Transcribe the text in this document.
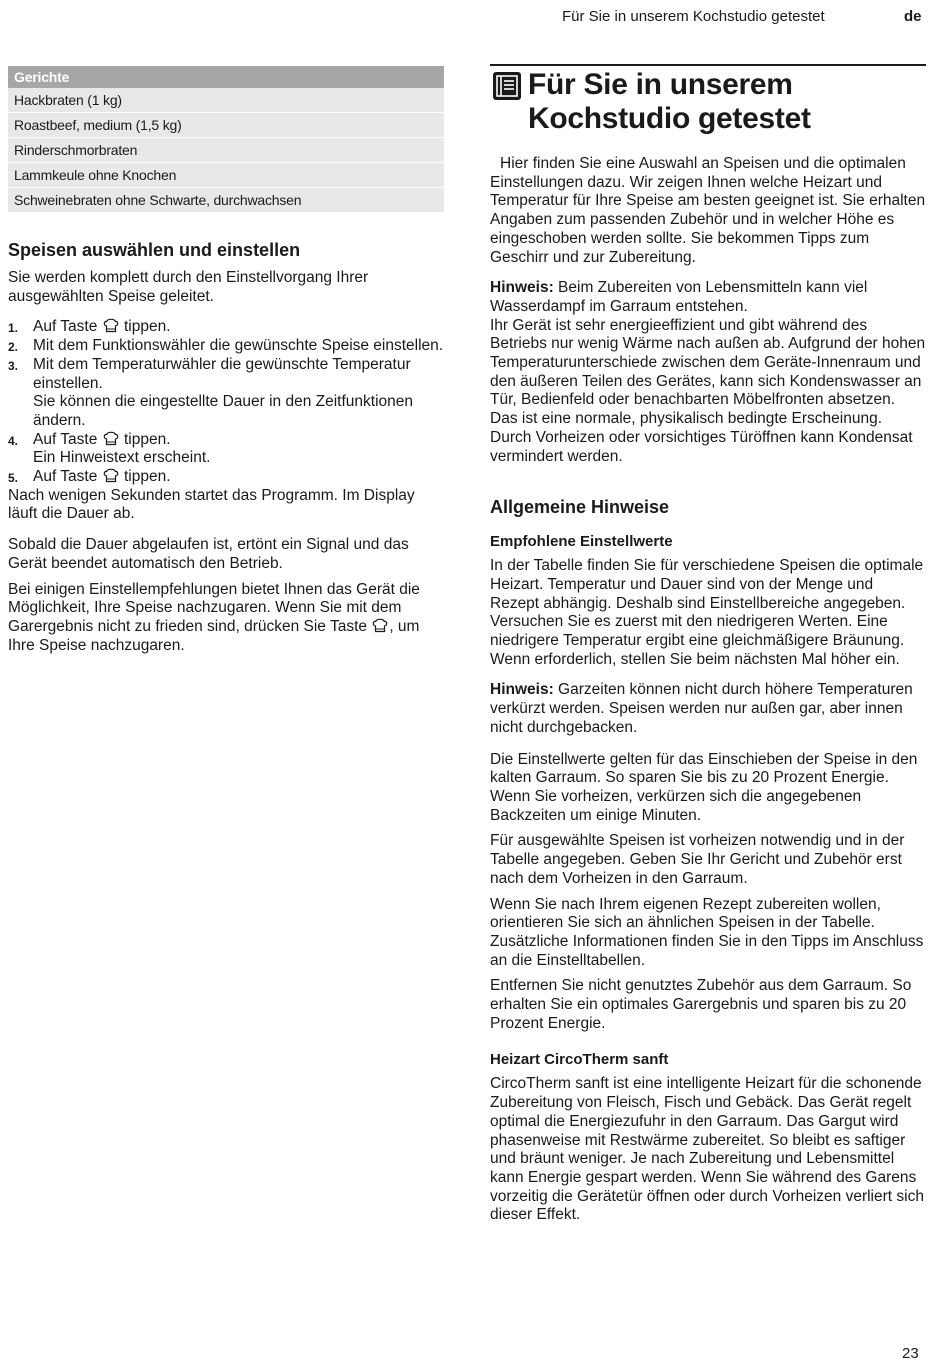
Für Sie in unserem Kochstudio getestet	de
Gerichte
Hackbraten (1 kg)
Roastbeef, medium (1,5 kg)
Rinderschmorbraten
Lammkeule ohne Knochen
Schweinebraten ohne Schwarte, durchwachsen
Speisen auswählen und einstellen

Sie werden komplett durch den Einstellvorgang Ihrer ausgewählten Speise geleitet.

1. Auf Taste tippen.
2. Mit dem Funktionswähler die gewünschte Speise einstellen.
3. Mit dem Temperaturwähler die gewünschte Temperatur einstellen.
Sie können die eingestellte Dauer in den Zeitfunktionen ändern.
4. Auf Taste tippen.
Ein Hinweistext erscheint.
5. Auf Taste tippen.

Nach wenigen Sekunden startet das Programm. Im Display läuft die Dauer ab.

Sobald die Dauer abgelaufen ist, ertönt ein Signal und das Gerät beendet automatisch den Betrieb.

Bei einigen Einstellempfehlungen bietet Ihnen das Gerät die Möglichkeit, Ihre Speise nachzugaren. Wenn Sie mit dem Garergebnis nicht zu frieden sind, drücken Sie Taste , um Ihre Speise nachzugaren.

Für Sie in unserem
Kochstudio getestet

Hier finden Sie eine Auswahl an Speisen und die optimalen Einstellungen dazu. Wir zeigen Ihnen welche Heizart und Temperatur für Ihre Speise am besten geeignet ist. Sie erhalten Angaben zum passenden Zubehör und in welcher Höhe es eingeschoben werden sollte. Sie bekommen Tipps zum Geschirr und zur Zubereitung.

Hinweis: Beim Zubereiten von Lebensmitteln kann viel Wasserdampf im Garraum entstehen.

Ihr Gerät ist sehr energieeffizient und gibt während des Betriebs nur wenig Wärme nach außen ab. Aufgrund der hohen Temperaturunterschiede zwischen dem Geräte-Innenraum und den äußeren Teilen des Gerätes, kann sich Kondenswasser an Tür, Bedienfeld oder benachbarten Möbelfronten absetzen. Das ist eine normale, physikalisch bedingte Erscheinung. Durch Vorheizen oder vorsichtiges Türöffnen kann Kondensat vermindert werden.

Allgemeine Hinweise
Empfohlene Einstellwerte

In der Tabelle finden Sie für verschiedene Speisen die optimale Heizart. Temperatur und Dauer sind von der Menge und Rezept abhängig. Deshalb sind Einstellbereiche angegeben. Versuchen Sie es zuerst mit den niedrigeren Werten. Eine niedrigere Temperatur ergibt eine gleichmäßigere Bräunung. Wenn erforderlich, stellen Sie beim nächsten Mal höher ein.

Hinweis: Garzeiten können nicht durch höhere Temperaturen verkürzt werden. Speisen werden nur außen gar, aber innen nicht durchgebacken.

Die Einstellwerte gelten für das Einschieben der Speise in den kalten Garraum. So sparen Sie bis zu 20 Prozent Energie. Wenn Sie vorheizen, verkürzen sich die angegebenen Backzeiten um einige Minuten.

Für ausgewählte Speisen ist vorheizen notwendig und in der Tabelle angegeben. Geben Sie Ihr Gericht und Zubehör erst nach dem Vorheizen in den Garraum.

Wenn Sie nach Ihrem eigenen Rezept zubereiten wollen, orientieren Sie sich an ähnlichen Speisen in der Tabelle. Zusätzliche Informationen finden Sie in den Tipps im Anschluss an die Einstelltabellen.

Entfernen Sie nicht genutztes Zubehör aus dem Garraum. So erhalten Sie ein optimales Garergebnis und sparen bis zu 20 Prozent Energie.

Heizart CircoTherm sanft

CircoTherm sanft ist eine intelligente Heizart für die schonende Zubereitung von Fleisch, Fisch und Gebäck. Das Gerät regelt optimal die Energiezufuhr in den Garraum. Das Gargut wird phasenweise mit Restwärme zubereitet. So bleibt es saftiger und bräunt weniger. Je nach Zubereitung und Lebensmittel kann Energie gespart werden. Wenn Sie während des Garens vorzeitig die Gerätetür öffnen oder durch Vorheizen verliert sich dieser Effekt.

23
